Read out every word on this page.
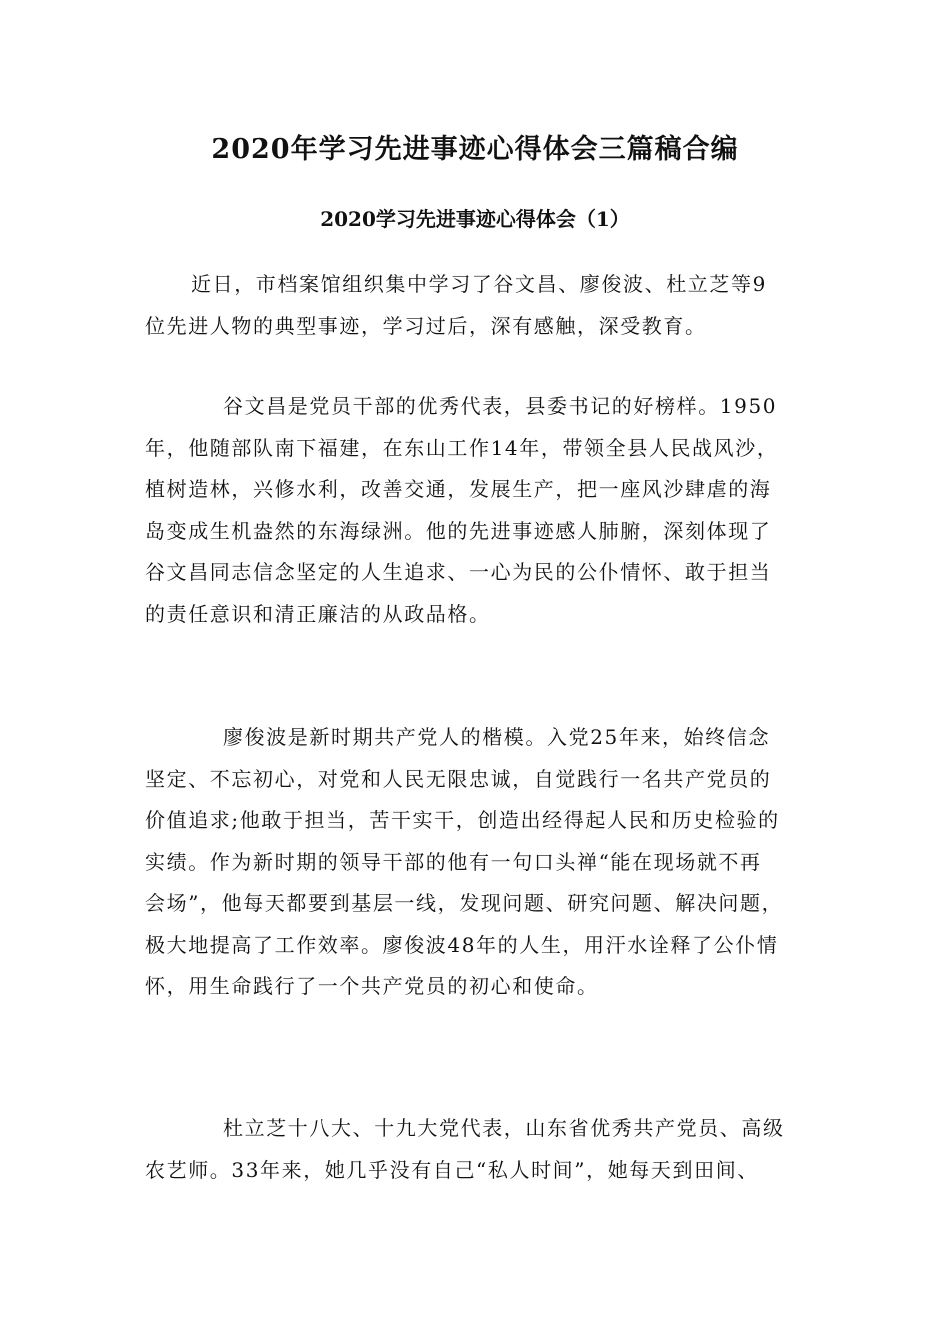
2020年学习先进事迹心得体会三篇稿合编
2020学习先进事迹心得体会（1）
近日，市档案馆组织集中学习了谷文昌、廖俊波、杜立芝等9
位先进人物的典型事迹，学习过后，深有感触，深受教育。
谷文昌是党员干部的优秀代表，县委书记的好榜样。1950
年，他随部队南下福建，在东山工作14年，带领全县人民战风沙，
植树造林，兴修水利，改善交通，发展生产，把一座风沙肆虐的海
岛变成生机盎然的东海绿洲。他的先进事迹感人肺腑，深刻体现了
谷文昌同志信念坚定的人生追求、一心为民的公仆情怀、敢于担当
的责任意识和清正廉洁的从政品格。
廖俊波是新时期共产党人的楷模。入党25年来，始终信念
坚定、不忘初心，对党和人民无限忠诚，自觉践行一名共产党员的
价值追求;他敢于担当，苦干实干，创造出经得起人民和历史检验的
实绩。作为新时期的领导干部的他有一句口头禅“能在现场就不再
会场”，他每天都要到基层一线，发现问题、研究问题、解决问题，
极大地提高了工作效率。廖俊波48年的人生，用汗水诠释了公仆情
怀，用生命践行了一个共产党员的初心和使命。
杜立芝十八大、十九大党代表，山东省优秀共产党员、高级
农艺师。33年来，她几乎没有自己“私人时间”，她每天到田间、
